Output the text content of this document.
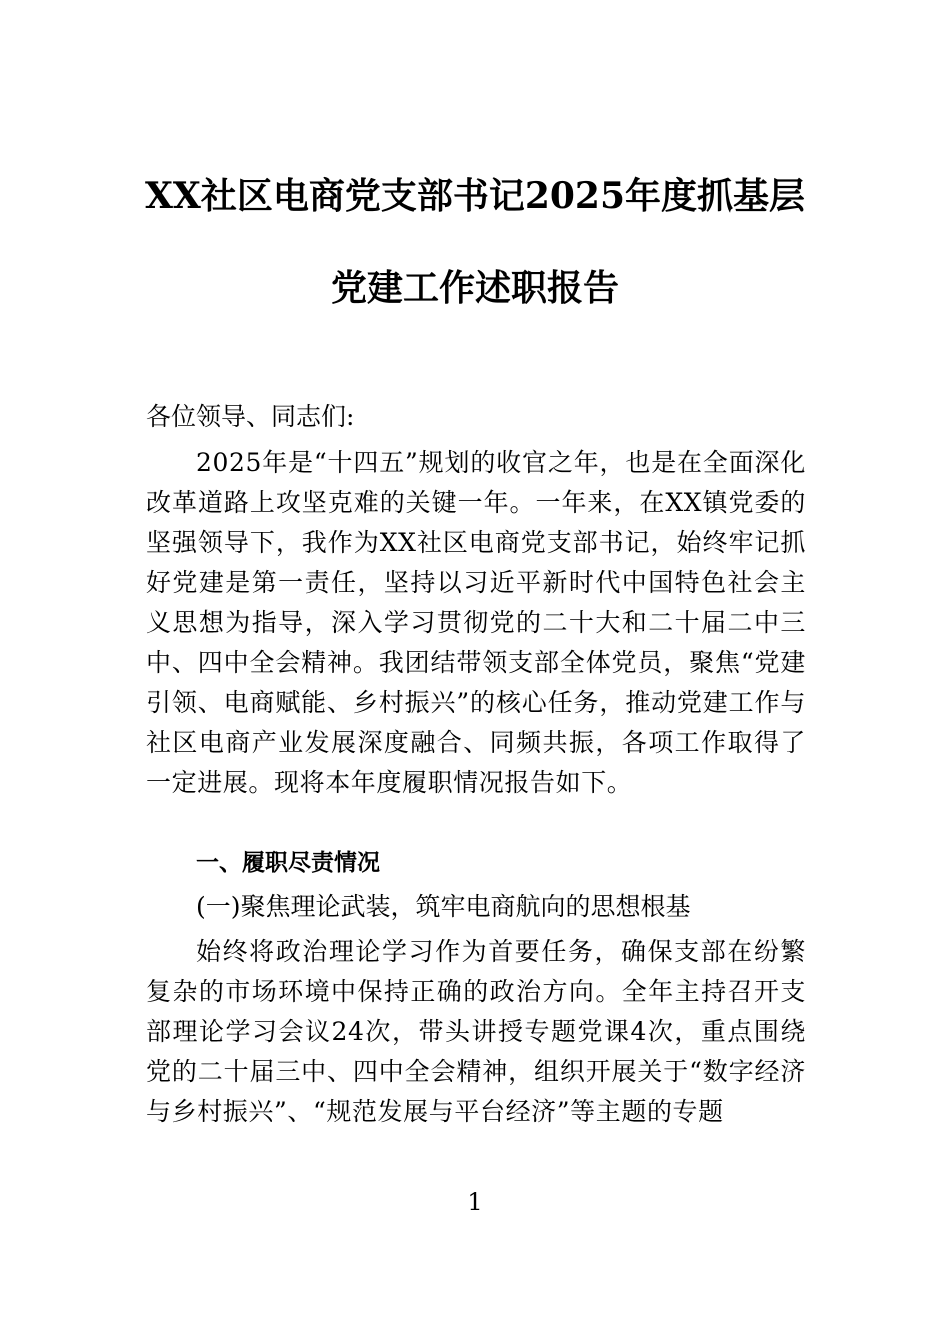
XX社区电商党支部书记2025年度抓基层
党建工作述职报告
各位领导、同志们:
2025年是“十四五”规划的收官之年，也是在全面深化改革道路上攻坚克难的关键一年。一年来，在XX镇党委的坚强领导下，我作为XX社区电商党支部书记，始终牢记抓好党建是第一责任，坚持以习近平新时代中国特色社会主义思想为指导，深入学习贯彻党的二十大和二十届二中三中、四中全会精神。我团结带领支部全体党员，聚焦“党建引领、电商赋能、乡村振兴”的核心任务，推动党建工作与社区电商产业发展深度融合、同频共振，各项工作取得了一定进展。现将本年度履职情况报告如下。
一、履职尽责情况
(一)聚焦理论武装，筑牢电商航向的思想根基
始终将政治理论学习作为首要任务，确保支部在纷繁复杂的市场环境中保持正确的政治方向。全年主持召开支部理论学习会议24次，带头讲授专题党课4次，重点围绕党的二十届三中、四中全会精神，组织开展关于“数字经济与乡村振兴”、“规范发展与平台经济”等主题的专题
1
